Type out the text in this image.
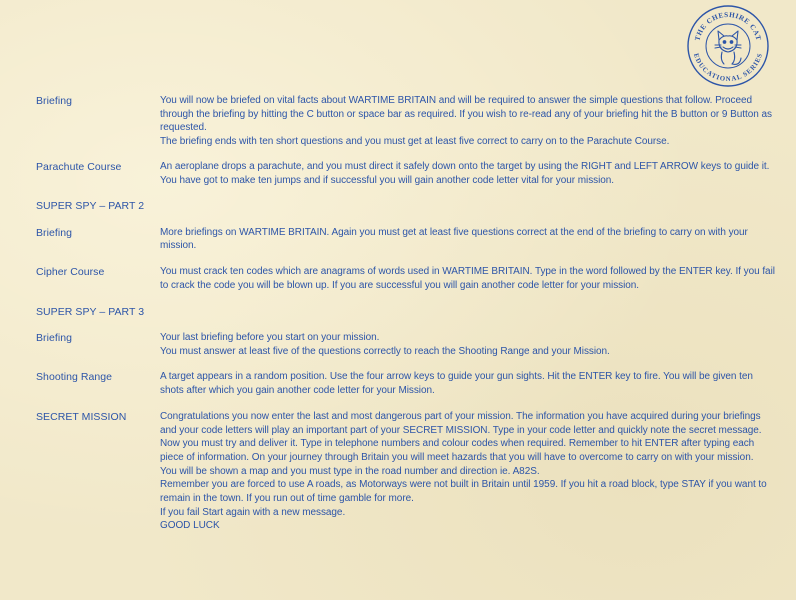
THE CHESHIRE CAT
EDUCATIONAL SERIES
Briefing	You will now be briefed on vital facts about WARTIME BRITAIN and will be required to answer the simple questions that follow. Proceed through the briefing by hitting the C button or space bar as required. If you wish to re-read any of your briefing hit the B button or 9 Button as requested.

The briefing ends with ten short questions and you must get at least five correct to carry on to the Parachute Course.

Parachute Course	An aeroplane drops a parachute, and you must direct it safely down onto the target by using the RIGHT and LEFT ARROW keys to guide it.

You have got to make ten jumps and if successful you will gain another code letter vital for your mission.

SUPER SPY – PART 2
Briefing	More briefings on WARTIME BRITAIN. Again you must get at least five questions correct at the end of the briefing to carry on with your mission.

Cipher Course	You must crack ten codes which are anagrams of words used in WARTIME BRITAIN. Type in the word followed by the ENTER key. If you fail to crack the code you will be blown up. If you are successful you will gain another code letter for your mission.

SUPER SPY – PART 3
Briefing	Your last briefing before you start on your mission.

You must answer at least five of the questions correctly to reach the Shooting Range and your Mission.

Shooting Range	A target appears in a random position. Use the four arrow keys to guide your gun sights. Hit the ENTER key to fire. You will be given ten shots after which you gain another code letter for your Mission.

SECRET MISSION	Congratulations you now enter the last and most dangerous part of your mission. The information you have acquired during your briefings and your code letters will play an important part of your SECRET MISSION. Type in your code letter and quickly note the secret message. Now you must try and deliver it. Type in telephone numbers and colour codes when required. Remember to hit ENTER after typing each piece of information. On your journey through Britain you will meet hazards that you will have to overcome to carry on with your mission.

You will be shown a map and you must type in the road number and direction ie. A82S.

Remember you are forced to use A roads, as Motorways were not built in Britain until 1959. If you hit a road block, type STAY if you want to remain in the town. If you run out of time gamble for more.

If you fail Start again with a new message.

GOOD LUCK
